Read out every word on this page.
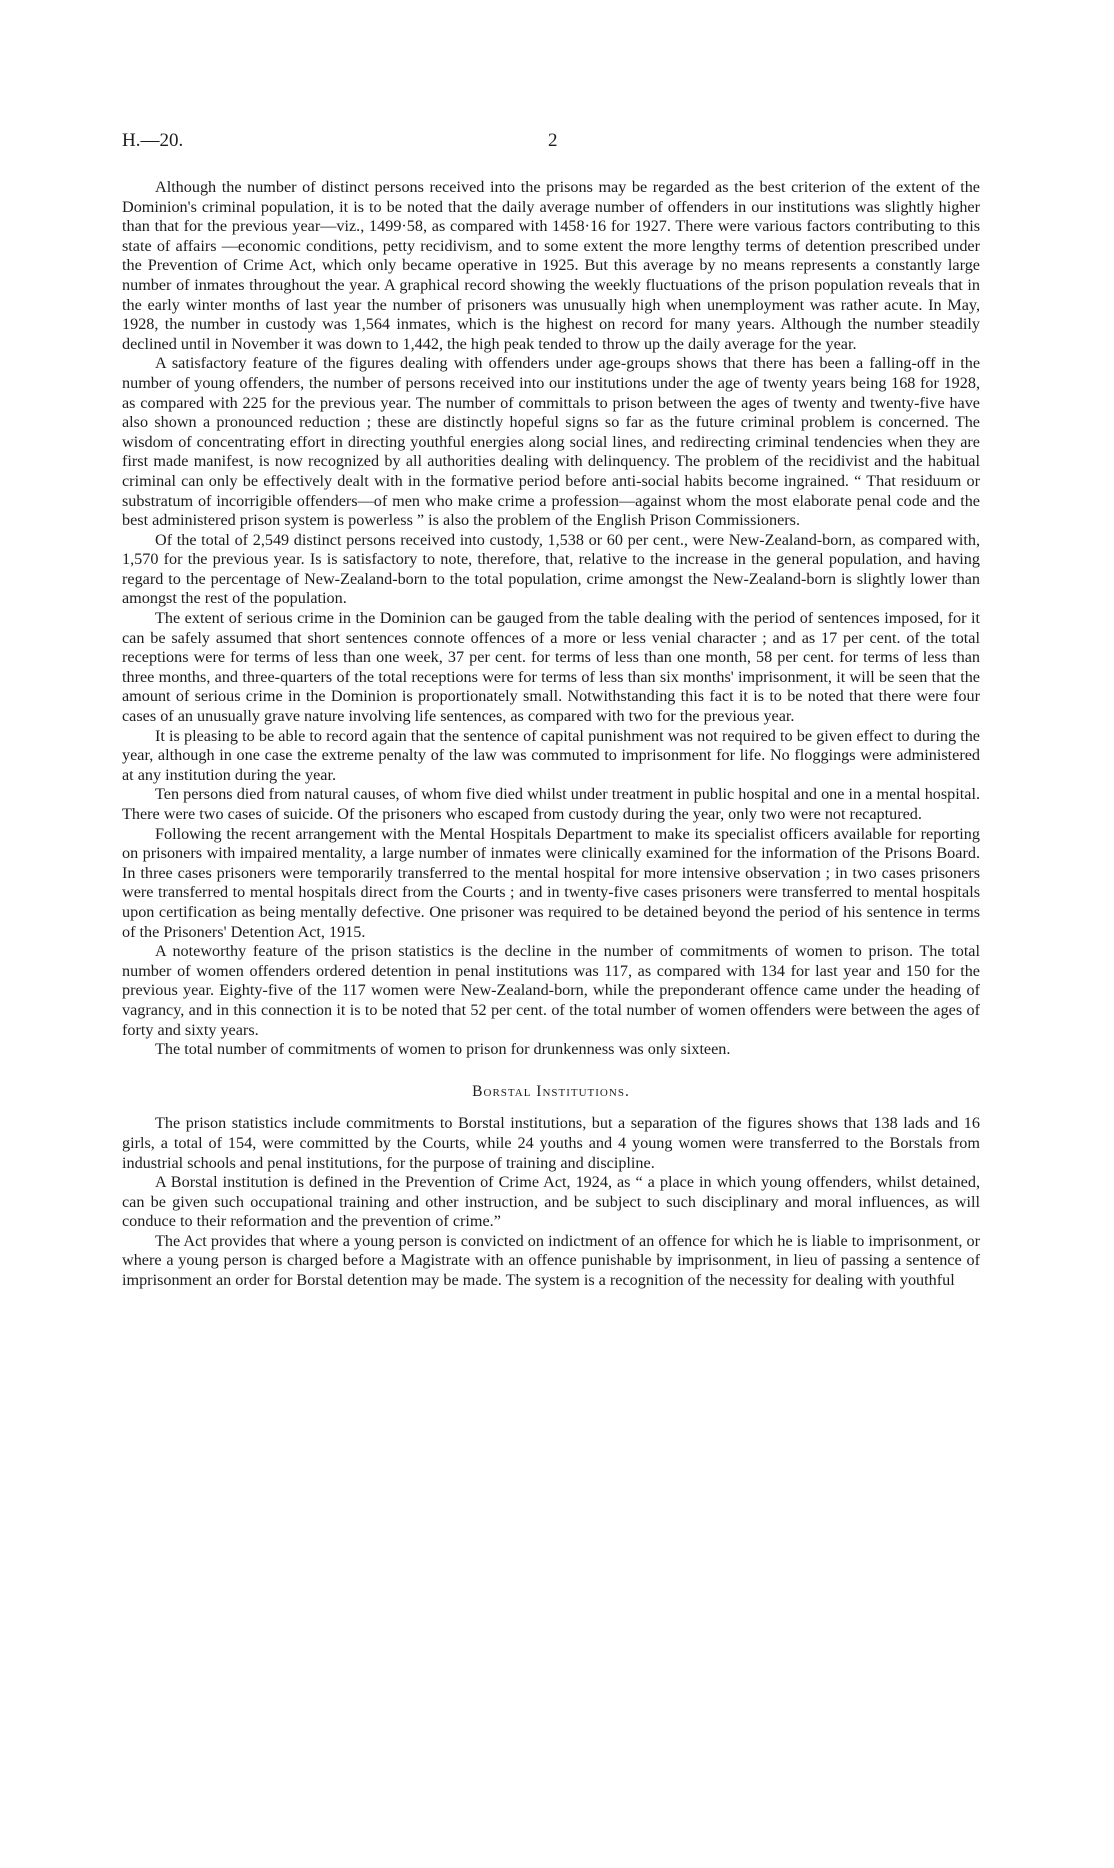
H.—20.	2

Although the number of distinct persons received into the prisons may be regarded as the best criterion of the extent of the Dominion's criminal population, it is to be noted that the daily average number of offenders in our institutions was slightly higher than that for the previous year—viz., 1499·58, as compared with 1458·16 for 1927. There were various factors contributing to this state of affairs —economic conditions, petty recidivism, and to some extent the more lengthy terms of detention prescribed under the Prevention of Crime Act, which only became operative in 1925. But this average by no means represents a constantly large number of inmates throughout the year. A graphical record showing the weekly fluctuations of the prison population reveals that in the early winter months of last year the number of prisoners was unusually high when unemployment was rather acute. In May, 1928, the number in custody was 1,564 inmates, which is the highest on record for many years. Although the number steadily declined until in November it was down to 1,442, the high peak tended to throw up the daily average for the year.

A satisfactory feature of the figures dealing with offenders under age-groups shows that there has been a falling-off in the number of young offenders, the number of persons received into our institutions under the age of twenty years being 168 for 1928, as compared with 225 for the previous year. The number of committals to prison between the ages of twenty and twenty-five have also shown a pronounced reduction ; these are distinctly hopeful signs so far as the future criminal problem is concerned. The wisdom of concentrating effort in directing youthful energies along social lines, and redirecting criminal tendencies when they are first made manifest, is now recognized by all authorities dealing with delinquency. The problem of the recidivist and the habitual criminal can only be effectively dealt with in the formative period before anti-social habits become ingrained. “ That residuum or substratum of incorrigible offenders—of men who make crime a profession—against whom the most elaborate penal code and the best administered prison system is powerless ” is also the problem of the English Prison Commissioners.

Of the total of 2,549 distinct persons received into custody, 1,538 or 60 per cent., were New-Zealand-born, as compared with, 1,570 for the previous year. Is is satisfactory to note, therefore, that, relative to the increase in the general population, and having regard to the percentage of New-Zealand-born to the total population, crime amongst the New-Zealand-born is slightly lower than amongst the rest of the population.

The extent of serious crime in the Dominion can be gauged from the table dealing with the period of sentences imposed, for it can be safely assumed that short sentences connote offences of a more or less venial character ; and as 17 per cent. of the total receptions were for terms of less than one week, 37 per cent. for terms of less than one month, 58 per cent. for terms of less than three months, and three-quarters of the total receptions were for terms of less than six months' imprisonment, it will be seen that the amount of serious crime in the Dominion is proportionately small. Notwithstanding this fact it is to be noted that there were four cases of an unusually grave nature involving life sentences, as compared with two for the previous year.

It is pleasing to be able to record again that the sentence of capital punishment was not required to be given effect to during the year, although in one case the extreme penalty of the law was commuted to imprisonment for life. No floggings were administered at any institution during the year.

Ten persons died from natural causes, of whom five died whilst under treatment in public hospital and one in a mental hospital. There were two cases of suicide. Of the prisoners who escaped from custody during the year, only two were not recaptured.

Following the recent arrangement with the Mental Hospitals Department to make its specialist officers available for reporting on prisoners with impaired mentality, a large number of inmates were clinically examined for the information of the Prisons Board. In three cases prisoners were temporarily transferred to the mental hospital for more intensive observation ; in two cases prisoners were transferred to mental hospitals direct from the Courts ; and in twenty-five cases prisoners were transferred to mental hospitals upon certification as being mentally defective. One prisoner was required to be detained beyond the period of his sentence in terms of the Prisoners' Detention Act, 1915.

A noteworthy feature of the prison statistics is the decline in the number of commitments of women to prison. The total number of women offenders ordered detention in penal institutions was 117, as compared with 134 for last year and 150 for the previous year. Eighty-five of the 117 women were New-Zealand-born, while the preponderant offence came under the heading of vagrancy, and in this connection it is to be noted that 52 per cent. of the total number of women offenders were between the ages of forty and sixty years.

The total number of commitments of women to prison for drunkenness was only sixteen.

Borstal Institutions.

The prison statistics include commitments to Borstal institutions, but a separation of the figures shows that 138 lads and 16 girls, a total of 154, were committed by the Courts, while 24 youths and 4 young women were transferred to the Borstals from industrial schools and penal institutions, for the purpose of training and discipline.

A Borstal institution is defined in the Prevention of Crime Act, 1924, as “ a place in which young offenders, whilst detained, can be given such occupational training and other instruction, and be subject to such disciplinary and moral influences, as will conduce to their reformation and the prevention of crime.”

The Act provides that where a young person is convicted on indictment of an offence for which he is liable to imprisonment, or where a young person is charged before a Magistrate with an offence punishable by imprisonment, in lieu of passing a sentence of imprisonment an order for Borstal detention may be made. The system is a recognition of the necessity for dealing with youthful
